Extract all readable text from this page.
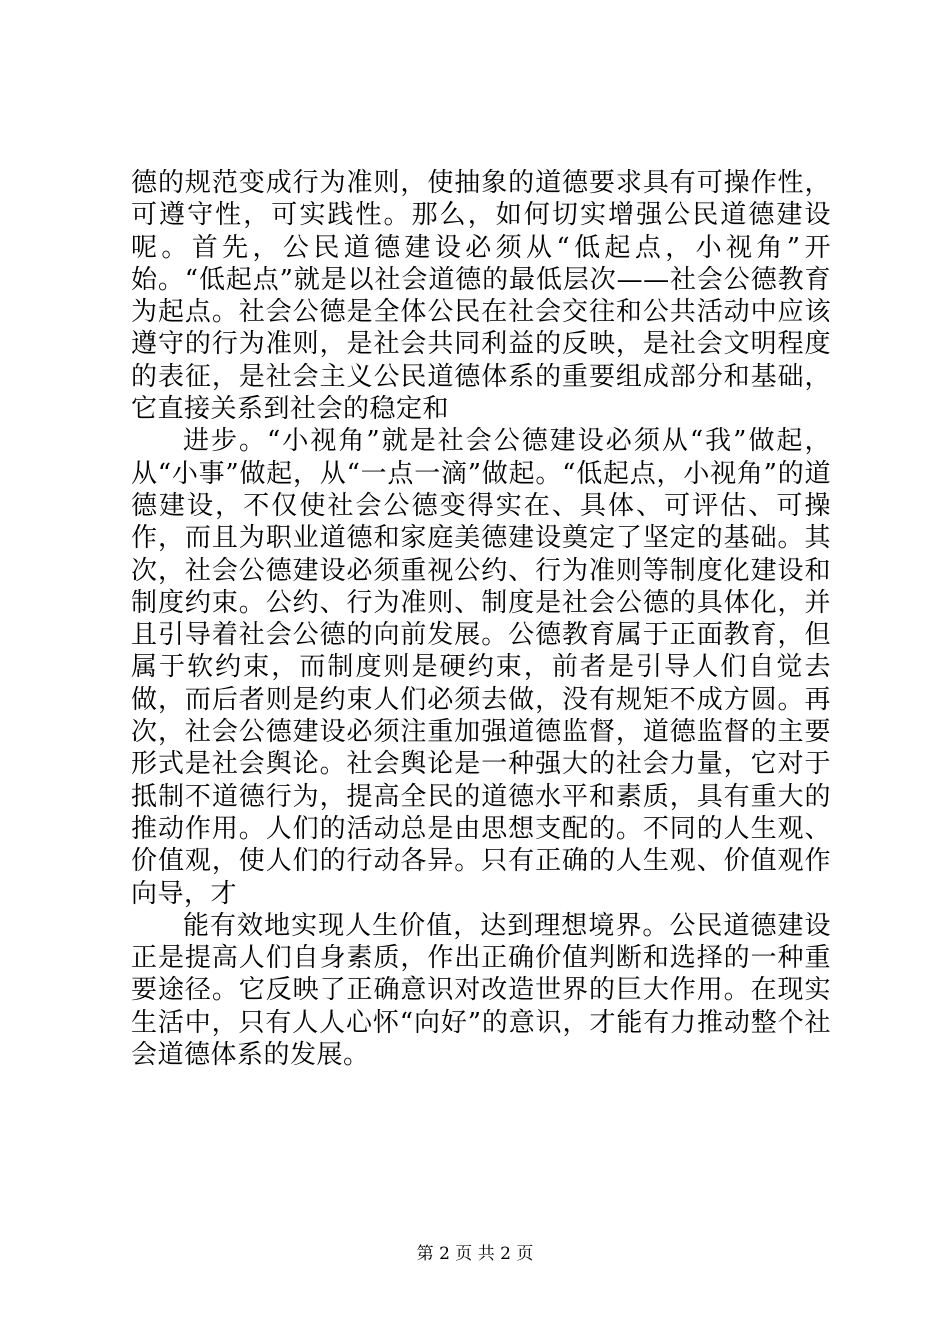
德的规范变成行为准则，使抽象的道德要求具有可操作性，可遵守性，可实践性。那么，如何切实增强公民道德建设呢。首先，公民道德建设必须从“低起点，小视角”开始。“低起点”就是以社会道德的最低层次——社会公德教育为起点。社会公德是全体公民在社会交往和公共活动中应该遵守的行为准则，是社会共同利益的反映，是社会文明程度的表征，是社会主义公民道德体系的重要组成部分和基础，它直接关系到社会的稳定和

进步。“小视角”就是社会公德建设必须从“我”做起，从“小事”做起，从“一点一滴”做起。“低起点，小视角”的道德建设，不仅使社会公德变得实在、具体、可评估、可操作，而且为职业道德和家庭美德建设奠定了坚定的基础。其次，社会公德建设必须重视公约、行为准则等制度化建设和制度约束。公约、行为准则、制度是社会公德的具体化，并且引导着社会公德的向前发展。公德教育属于正面教育，但属于软约束，而制度则是硬约束，前者是引导人们自觉去做，而后者则是约束人们必须去做，没有规矩不成方圆。再次，社会公德建设必须注重加强道德监督，道德监督的主要形式是社会舆论。社会舆论是一种强大的社会力量，它对于抵制不道德行为，提高全民的道德水平和素质，具有重大的推动作用。人们的活动总是由思想支配的。不同的人生观、价值观，使人们的行动各异。只有正确的人生观、价值观作向导，才

能有效地实现人生价值，达到理想境界。公民道德建设正是提高人们自身素质，作出正确价值判断和选择的一种重要途径。它反映了正确意识对改造世界的巨大作用。在现实生活中，只有人人心怀“向好”的意识，才能有力推动整个社会道德体系的发展。

第 2 页 共 2 页
